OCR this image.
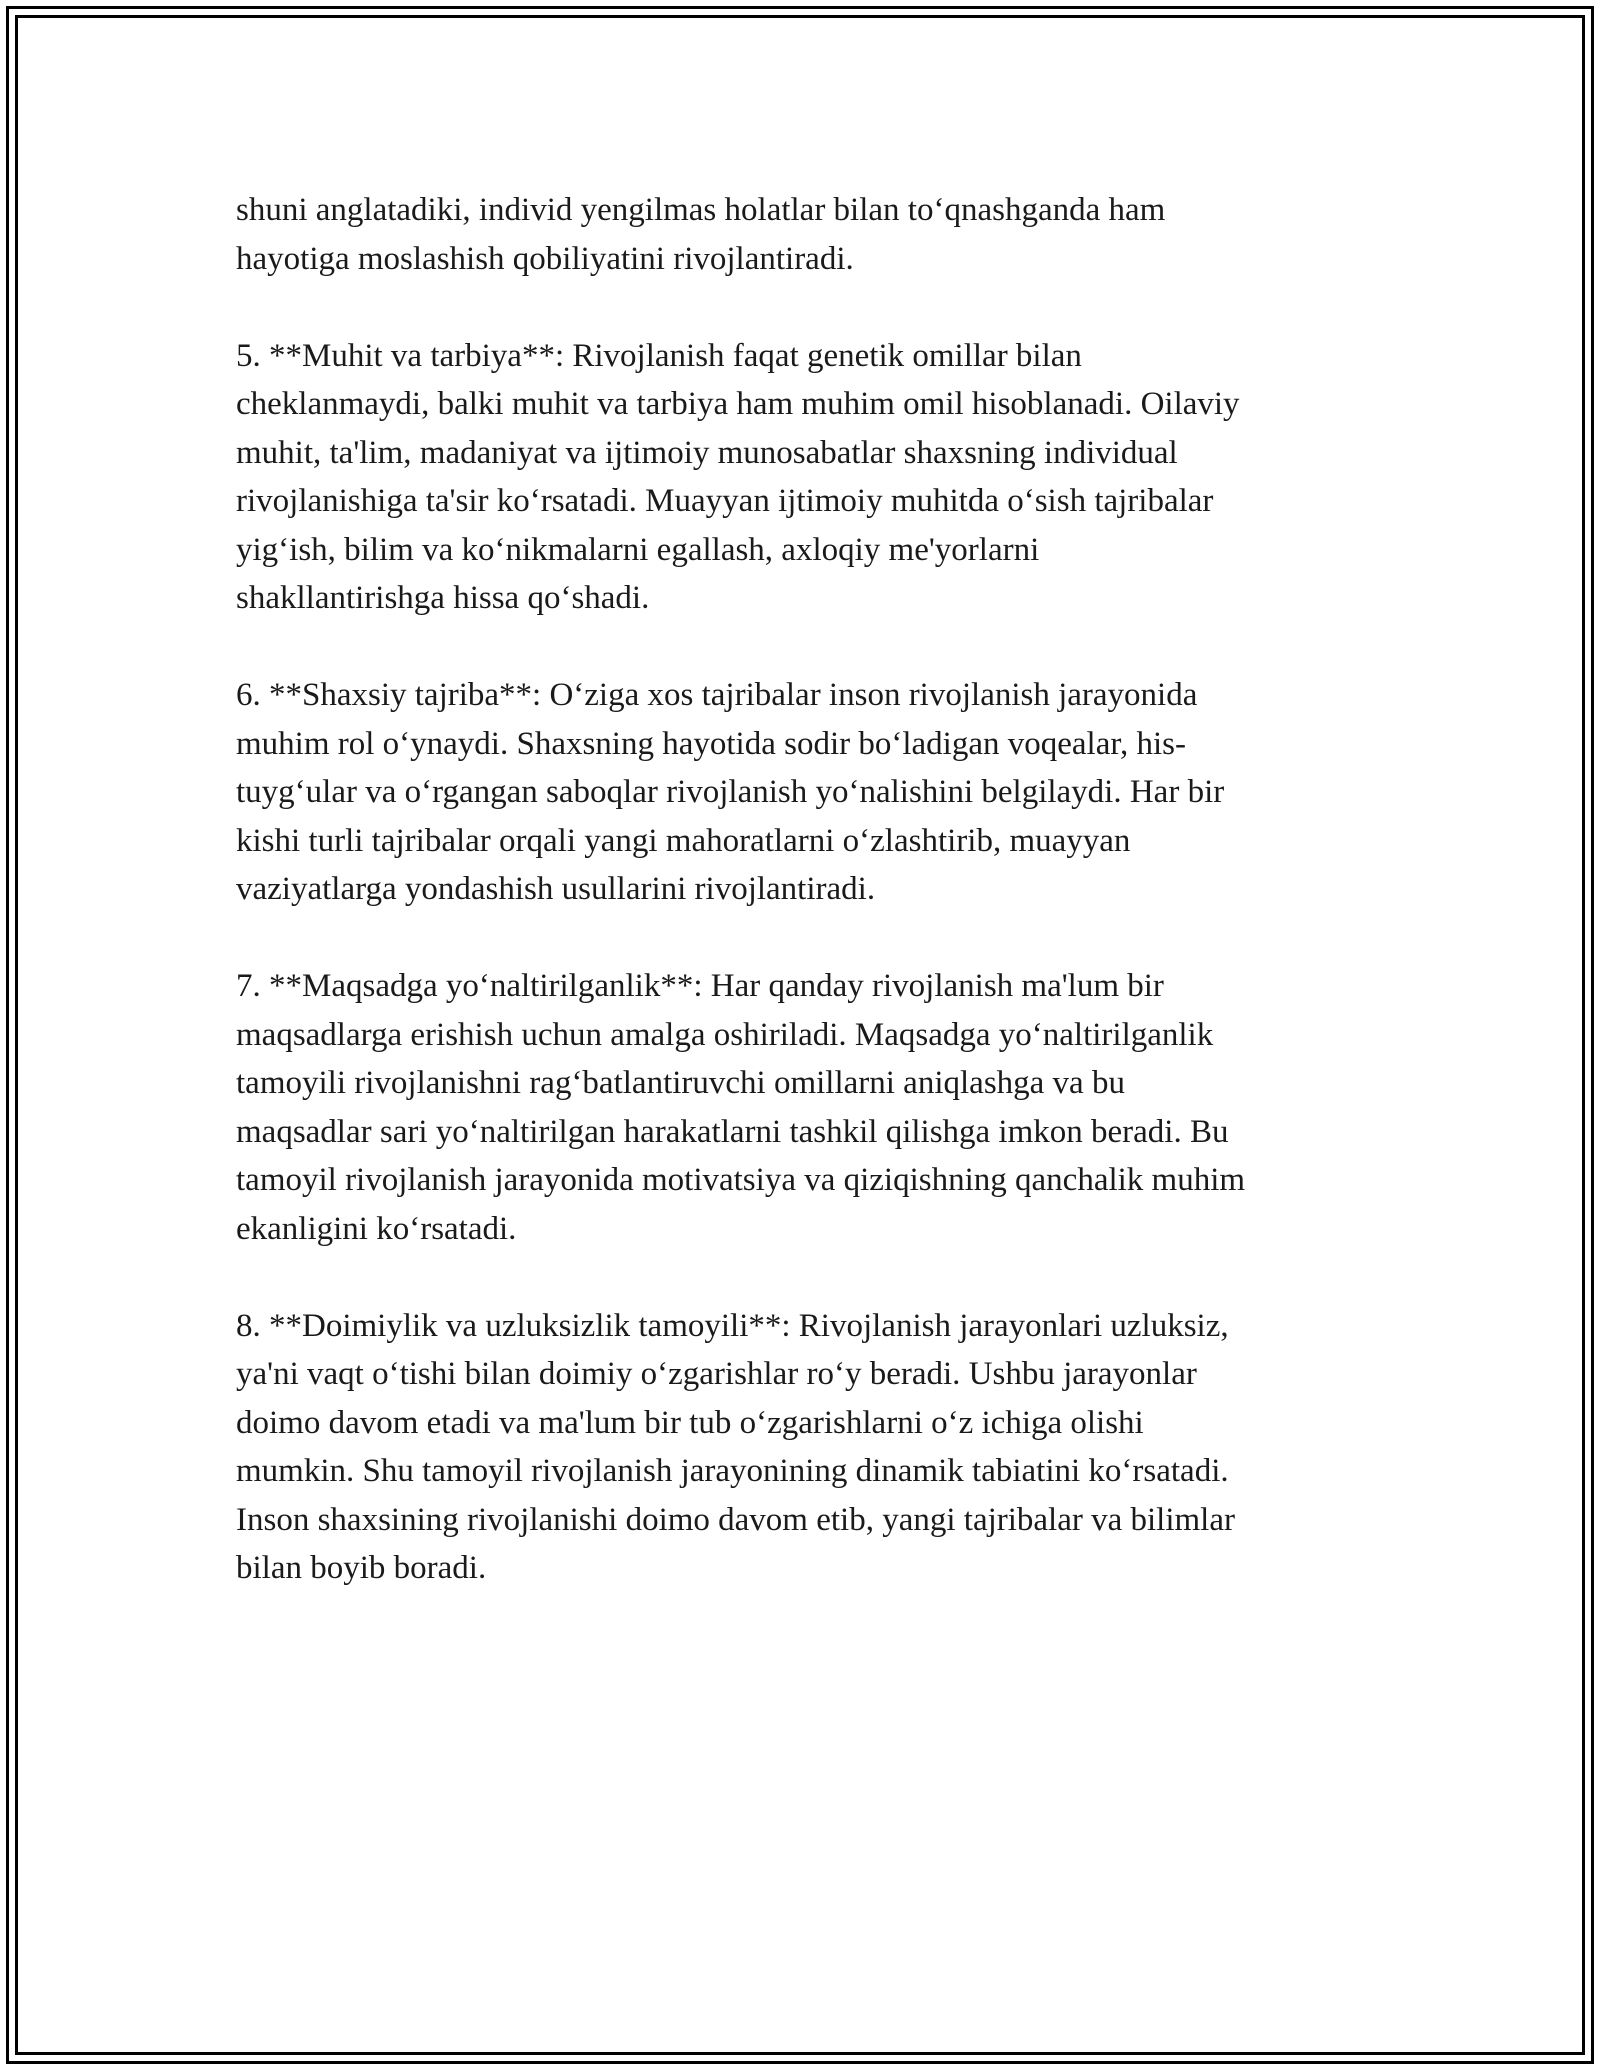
shuni anglatadiki, individ yengilmas holatlar bilan to‘qnashganda ham
hayotiga moslashish qobiliyatini rivojlantiradi.

5. **Muhit va tarbiya**: Rivojlanish faqat genetik omillar bilan
cheklanmaydi, balki muhit va tarbiya ham muhim omil hisoblanadi. Oilaviy
muhit, ta'lim, madaniyat va ijtimoiy munosabatlar shaxsning individual
rivojlanishiga ta'sir ko‘rsatadi. Muayyan ijtimoiy muhitda o‘sish tajribalar
yig‘ish, bilim va ko‘nikmalarni egallash, axloqiy me'yorlarni
shakllantirishga hissa qo‘shadi.

6. **Shaxsiy tajriba**: O‘ziga xos tajribalar inson rivojlanish jarayonida
muhim rol o‘ynaydi. Shaxsning hayotida sodir bo‘ladigan voqealar, his-
tuyg‘ular va o‘rgangan saboqlar rivojlanish yo‘nalishini belgilaydi. Har bir
kishi turli tajribalar orqali yangi mahoratlarni o‘zlashtirib, muayyan
vaziyatlarga yondashish usullarini rivojlantiradi.

7. **Maqsadga yo‘naltirilganlik**: Har qanday rivojlanish ma'lum bir
maqsadlarga erishish uchun amalga oshiriladi. Maqsadga yo‘naltirilganlik
tamoyili rivojlanishni rag‘batlantiruvchi omillarni aniqlashga va bu
maqsadlar sari yo‘naltirilgan harakatlarni tashkil qilishga imkon beradi. Bu
tamoyil rivojlanish jarayonida motivatsiya va qiziqishning qanchalik muhim
ekanligini ko‘rsatadi.

8. **Doimiylik va uzluksizlik tamoyili**: Rivojlanish jarayonlari uzluksiz,
ya'ni vaqt o‘tishi bilan doimiy o‘zgarishlar ro‘y beradi. Ushbu jarayonlar
doimo davom etadi va ma'lum bir tub o‘zgarishlarni o‘z ichiga olishi
mumkin. Shu tamoyil rivojlanish jarayonining dinamik tabiatini ko‘rsatadi.
Inson shaxsining rivojlanishi doimo davom etib, yangi tajribalar va bilimlar
bilan boyib boradi.
